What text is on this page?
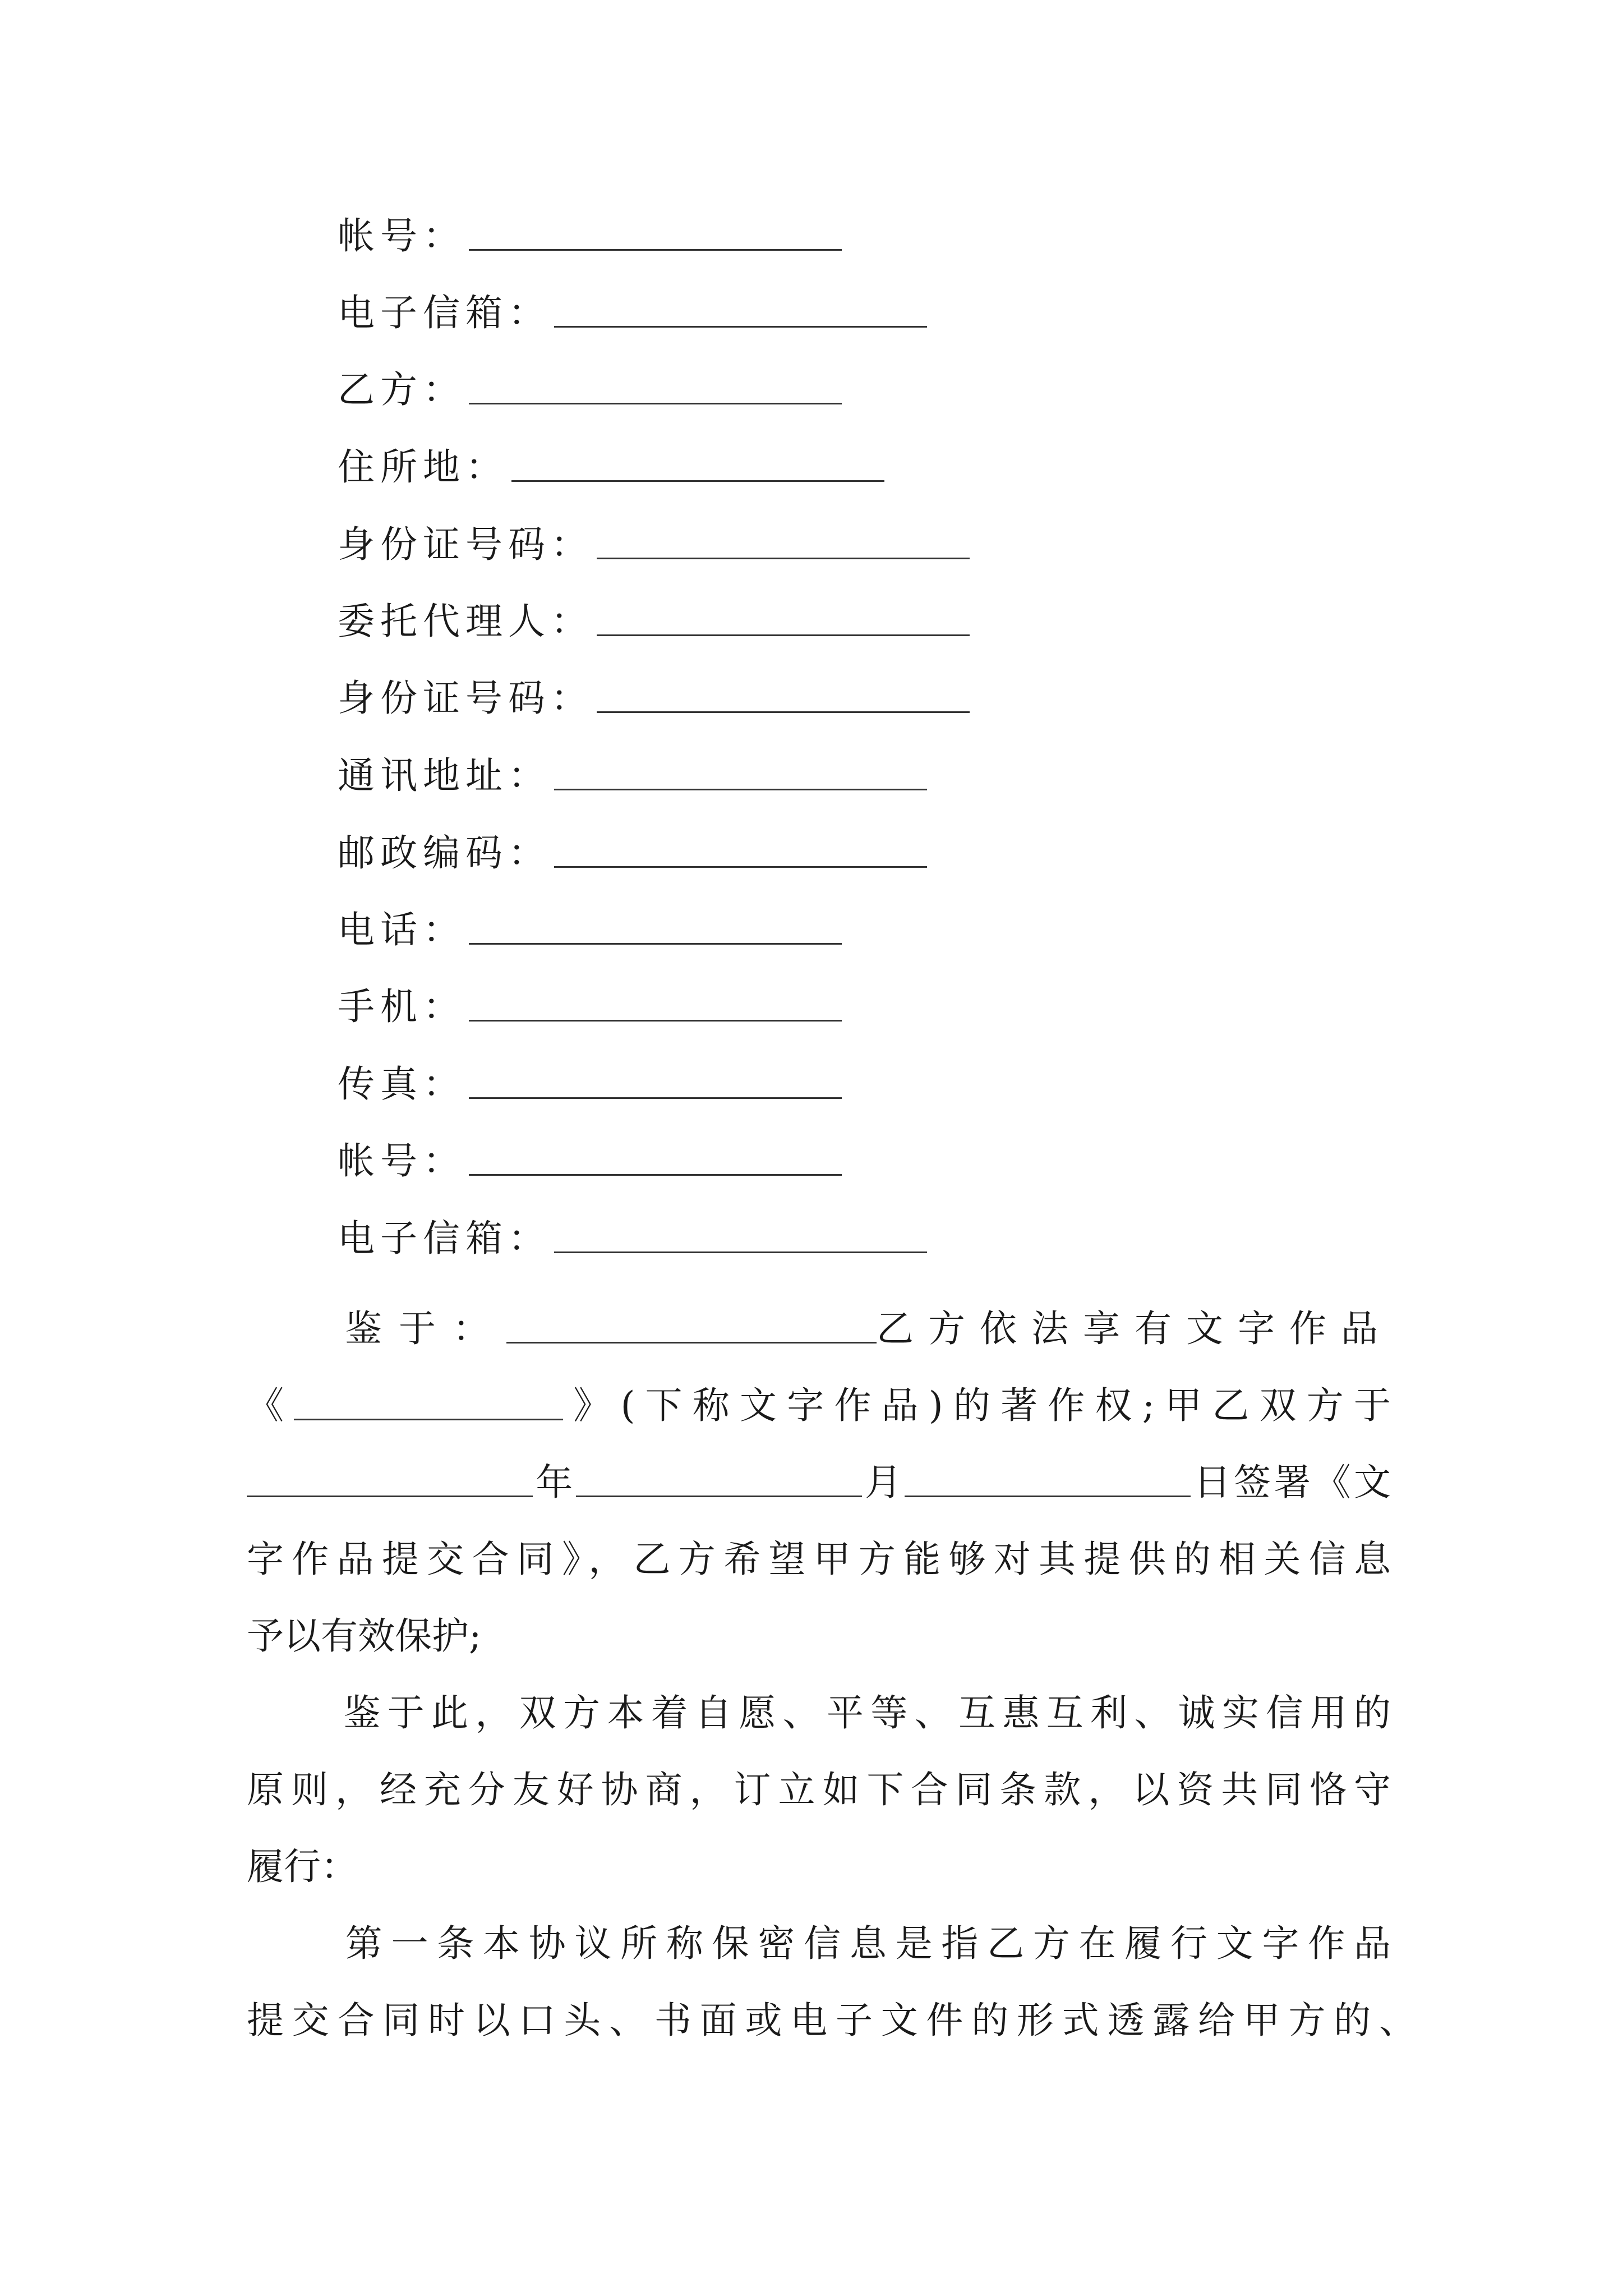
帐号：
电子信箱：
乙方：
住所地：
身份证号码：
委托代理人：
身份证号码：
通讯地址：
邮政编码：
电话：
手机：
传真：
帐号：
电子信箱：
鉴于：	乙方依法享有文字作品
《	》(下称文字作品)的著作权;甲乙双方于
年	月	日签署《文
字作品提交合同》，乙方希望甲方能够对其提供的相关信息
予以有效保护;
鉴于此，双方本着自愿、平等、互惠互利、诚实信用的
原则，经充分友好协商，订立如下合同条款，以资共同恪守
履行：
第一条本协议所称保密信息是指乙方在履行文字作品
提交合同时以口头、书面或电子文件的形式透露给甲方的、
